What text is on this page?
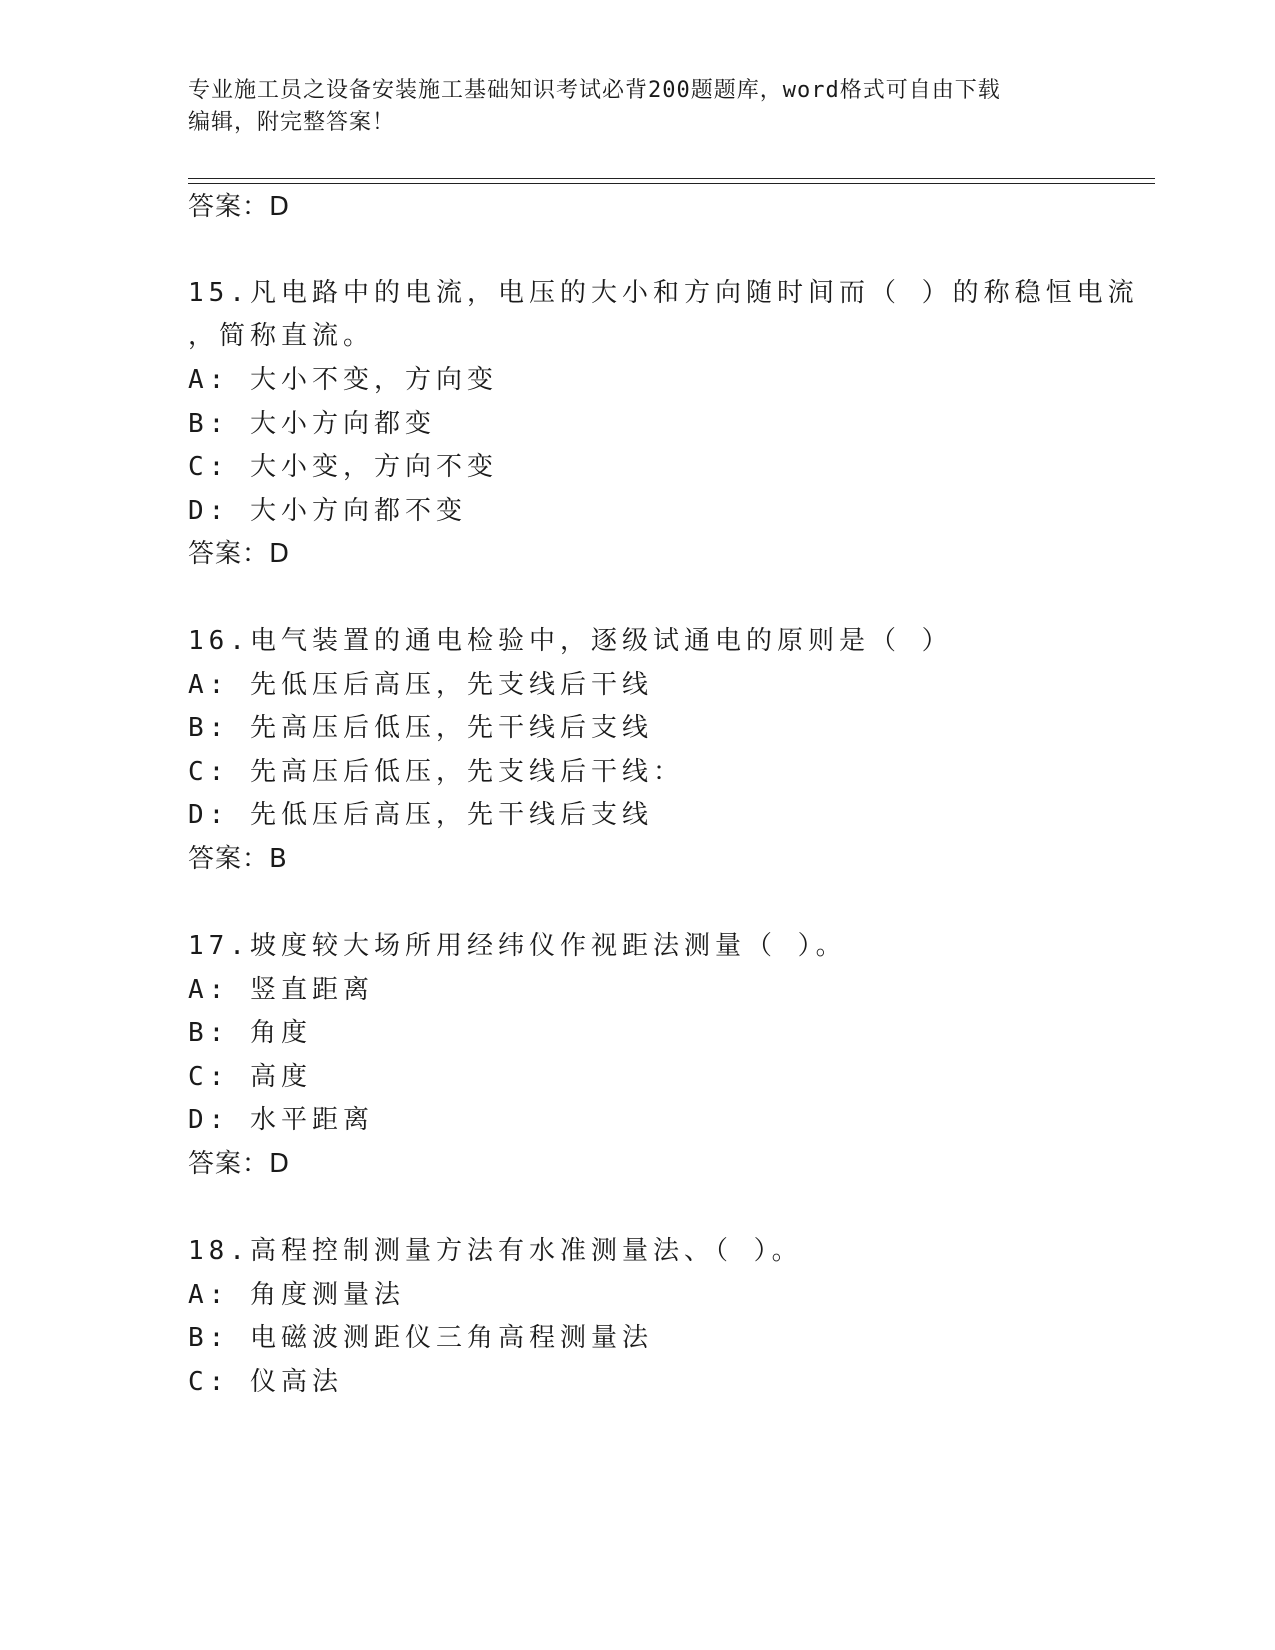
专业施工员之设备安装施工基础知识考试必背200题题库，word格式可自由下载
编辑，附完整答案！
答案：D
15.凡电路中的电流，电压的大小和方向随时间而（ ）的称稳恒电流
，简称直流。
A: 大小不变，方向变
B: 大小方向都变
C: 大小变，方向不变
D: 大小方向都不变
答案：D
16.电气装置的通电检验中，逐级试通电的原则是（ ）
A: 先低压后高压，先支线后干线
B: 先高压后低压，先干线后支线
C: 先高压后低压，先支线后干线：
D: 先低压后高压，先干线后支线
答案：B
17.坡度较大场所用经纬仪作视距法测量（ ）。
A: 竖直距离
B: 角度
C: 高度
D: 水平距离
答案：D
18.高程控制测量方法有水准测量法、（ ）。
A: 角度测量法
B: 电磁波测距仪三角高程测量法
C: 仪高法
